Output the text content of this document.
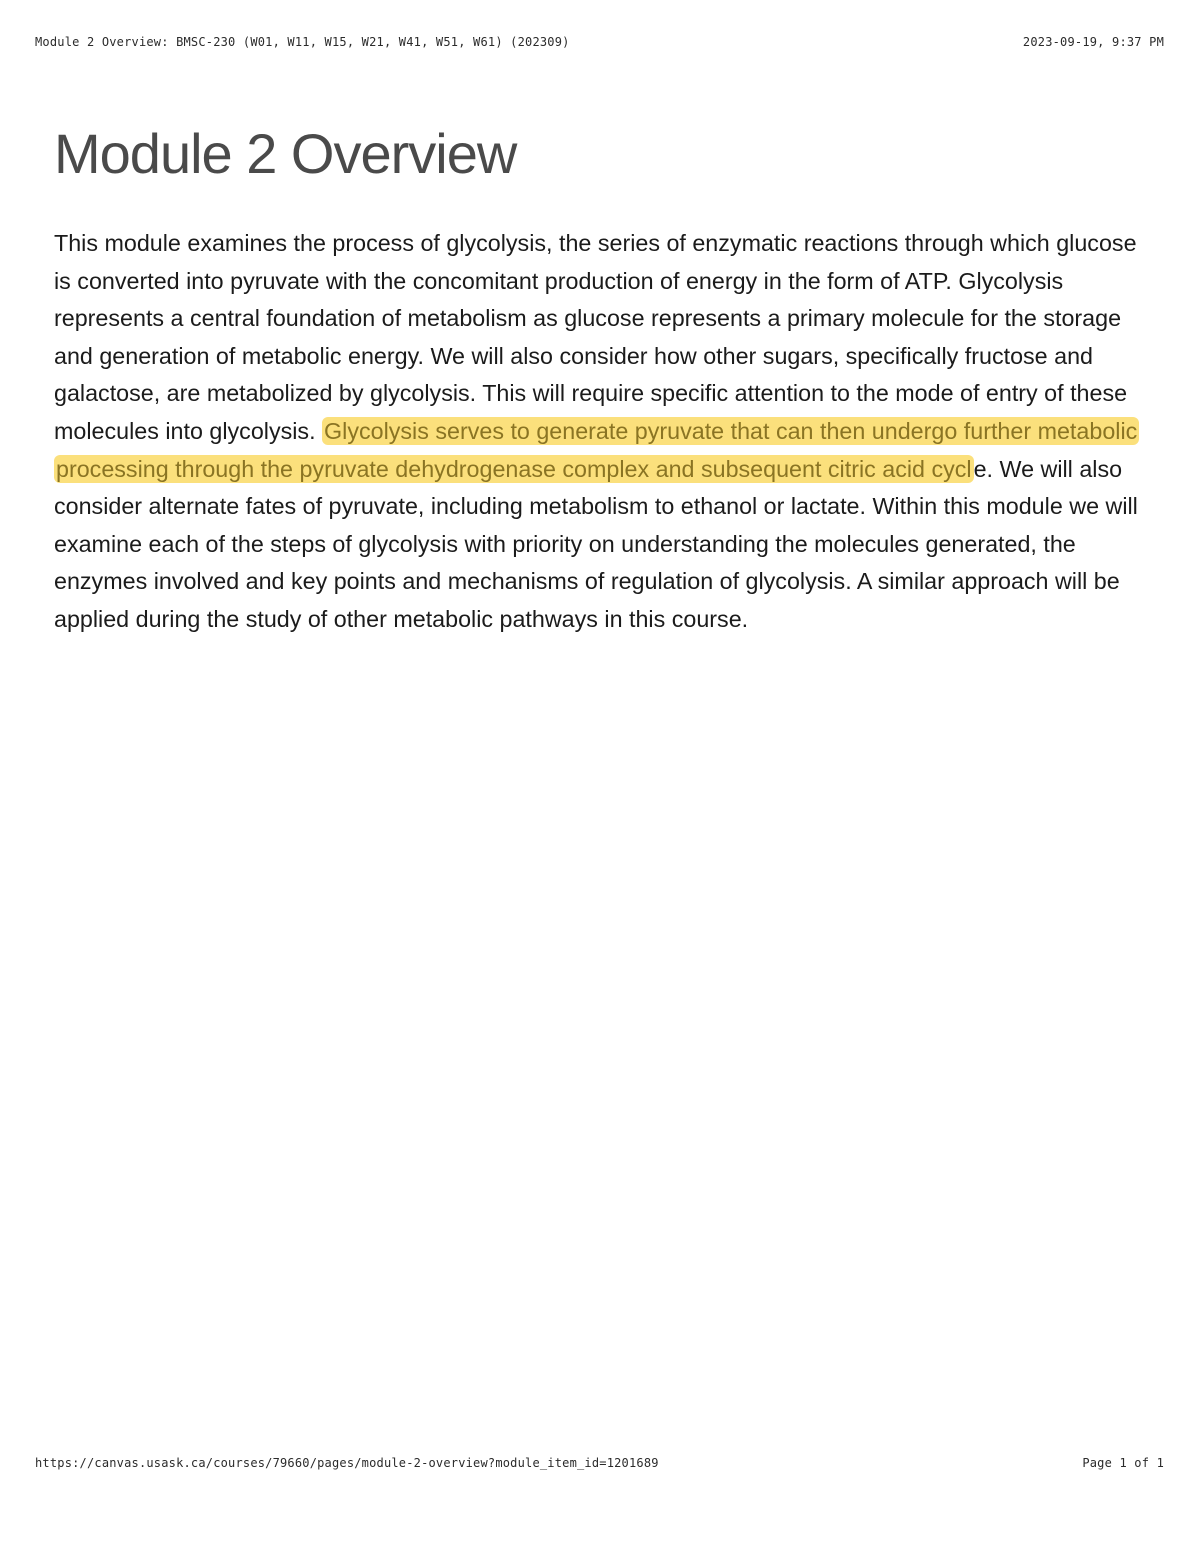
Module 2 Overview: BMSC-230 (W01, W11, W15, W21, W41, W51, W61) (202309)	2023-09-19, 9:37 PM
Module 2 Overview

This module examines the process of glycolysis, the series of enzymatic reactions through which glucose is converted into pyruvate with the concomitant production of energy in the form of ATP. Glycolysis represents a central foundation of metabolism as glucose represents a primary molecule for the storage and generation of metabolic energy. We will also consider how other sugars, specifically fructose and galactose, are metabolized by glycolysis. This will require specific attention to the mode of entry of these molecules into glycolysis. Glycolysis serves to generate pyruvate that can then undergo further metabolic processing through the pyruvate dehydrogenase complex and subsequent citric acid cycle. We will also consider alternate fates of pyruvate, including metabolism to ethanol or lactate. Within this module we will examine each of the steps of glycolysis with priority on understanding the molecules generated, the enzymes involved and key points and mechanisms of regulation of glycolysis. A similar approach will be applied during the study of other metabolic pathways in this course.

https://canvas.usask.ca/courses/79660/pages/module-2-overview?module_item_id=1201689	Page 1 of 1
